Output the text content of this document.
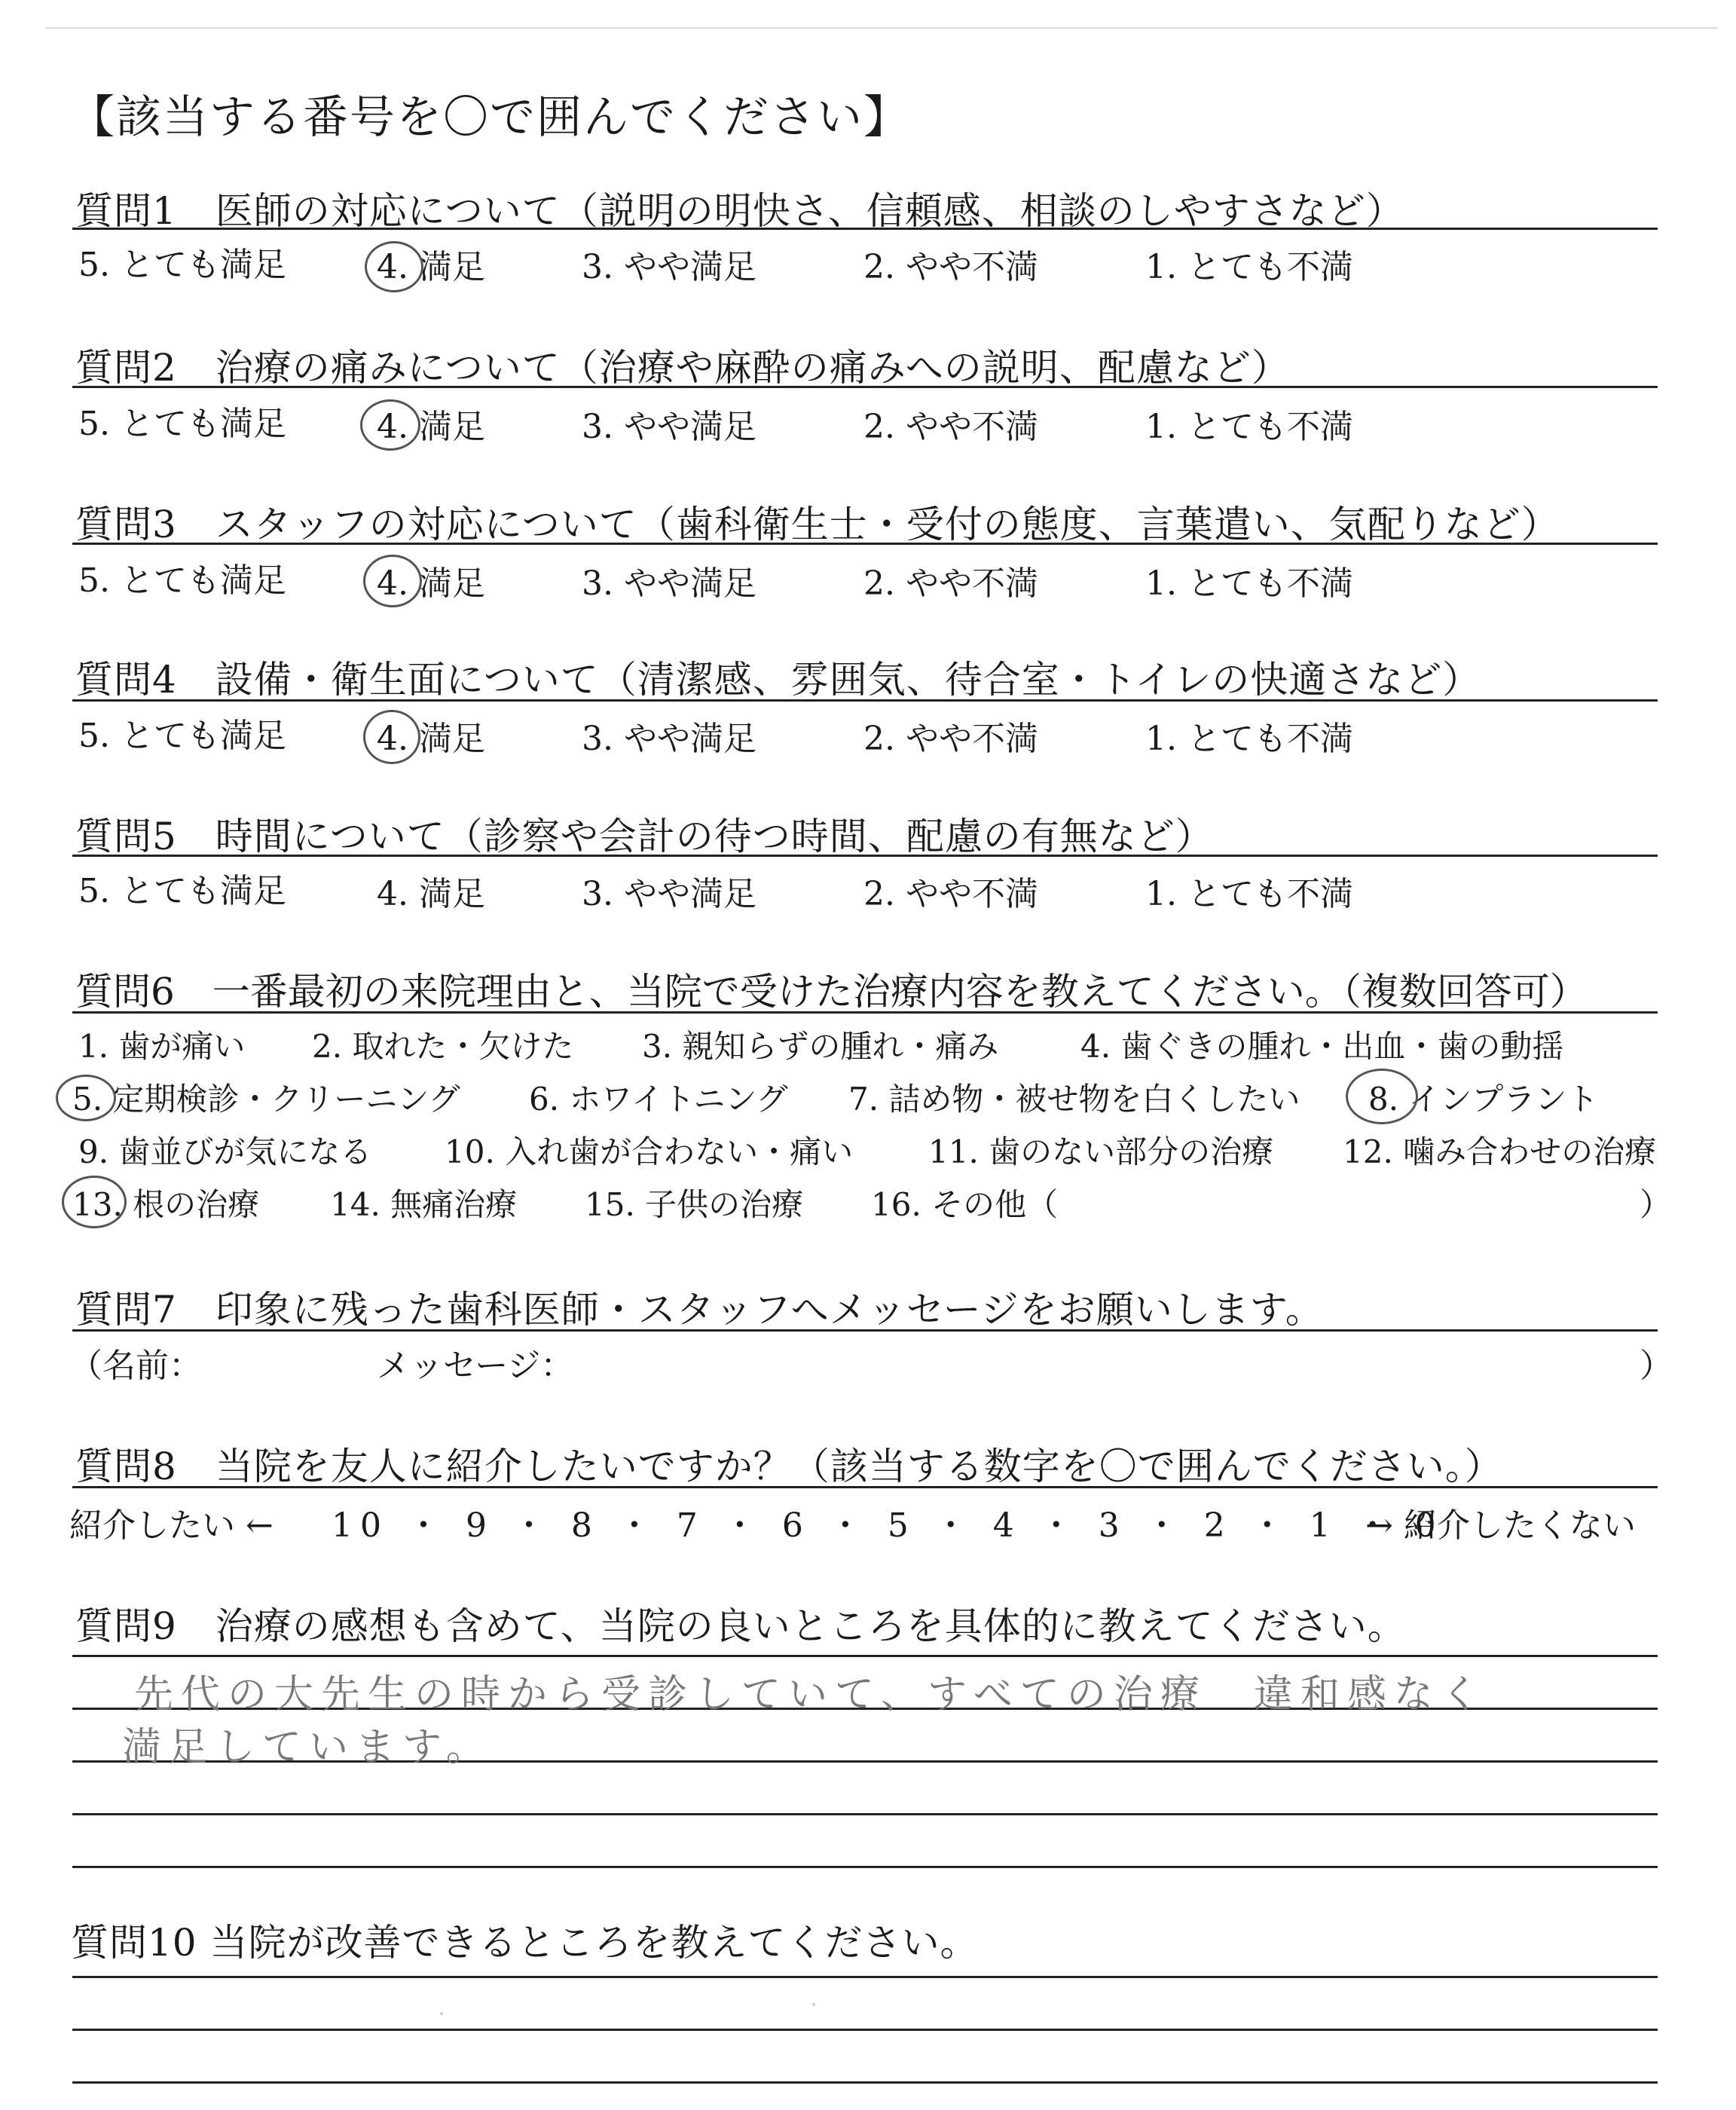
【該当する番号を〇で囲んでください】
質問1　医師の対応について（説明の明快さ、信頼感、相談のしやすさなど）
5. とても満足	4. 満足	3. やや満足	2. やや不満	1. とても不満
質問2　治療の痛みについて（治療や麻酔の痛みへの説明、配慮など）
5. とても満足	4. 満足	3. やや満足	2. やや不満	1. とても不満
質問3　スタッフの対応について（歯科衛生士・受付の態度、言葉遣い、気配りなど）
5. とても満足	4. 満足	3. やや満足	2. やや不満	1. とても不満
質問4　設備・衛生面について（清潔感、雰囲気、待合室・トイレの快適さなど）
5. とても満足	4. 満足	3. やや満足	2. やや不満	1. とても不満
質問5　時間について（診察や会計の待つ時間、配慮の有無など）
5. とても満足	4. 満足	3. やや満足	2. やや不満	1. とても不満
質問6　一番最初の来院理由と、当院で受けた治療内容を教えてください。（複数回答可）
1. 歯が痛い 2. 取れた・欠けた 3. 親知らずの腫れ・痛み	4. 歯ぐきの腫れ・出血・歯の動揺
5. 定期検診・クリーニング 6. ホワイトニング 7. 詰め物・被せ物を白くしたい 8. インプラント
9. 歯並びが気になる 10. 入れ歯が合わない・痛い 11. 歯のない部分の治療 12. 噛み合わせの治療
13. 根の治療 14. 無痛治療 15. 子供の治療 16. その他（	）
質問7　印象に残った歯科医師・スタッフへメッセージをお願いします。
（名前：	メッセージ：	）
質問8　当院を友人に紹介したいですか？（該当する数字を〇で囲んでください。）
紹介したい ← 10 ・ 9 ・ 8 ・ 7 ・ 6 ・ 5 ・ 4 ・ 3 ・ 2 ・ 1 ・ 0
→ 紹介したくない
質問9　治療の感想も含めて、当院の良いところを具体的に教えてください。
先代の大先生の時から受診していて、すべての治療　違和感なく
満足しています。
質問10 当院が改善できるところを教えてください。
